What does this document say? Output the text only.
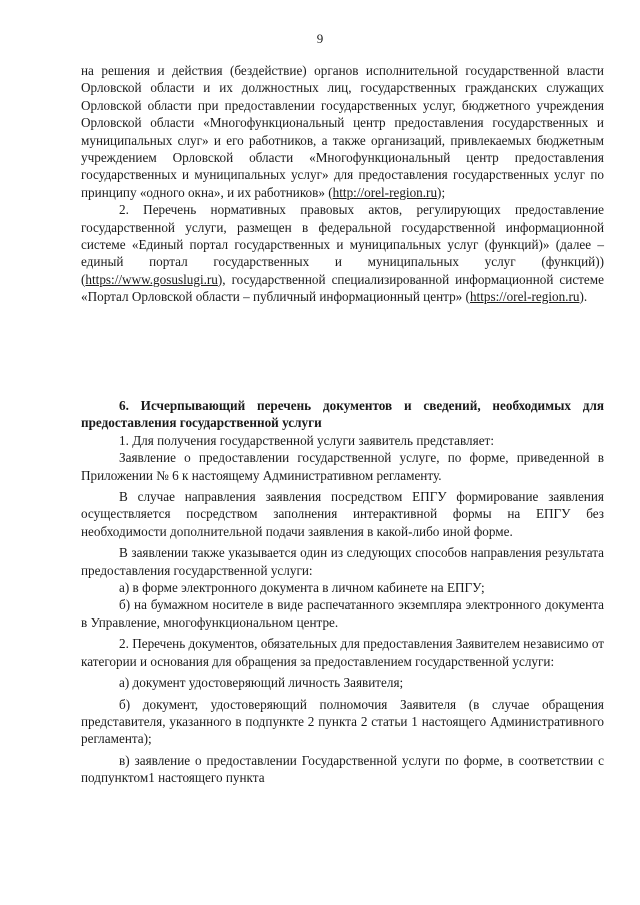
9

на решения и действия (бездействие) органов исполнительной государственной власти Орловской области и их должностных лиц, государственных гражданских служащих Орловской области при предоставлении государственных услуг, бюджетного учреждения Орловской области «Многофункциональный центр предоставления государственных и муниципальных слуг» и его работников, а также организаций, привлекаемых бюджетным учреждением Орловской области «Многофункциональный центр предоставления государственных и муниципальных услуг» для предоставления государственных услуг по принципу «одного окна», и их работников» (http://orel-region.ru);

2. Перечень нормативных правовых актов, регулирующих предоставление государственной услуги, размещен в федеральной государственной информационной системе «Единый портал государственных и муниципальных услуг (функций)» (далее – единый портал государственных и муниципальных услуг (функций)) (https://www.gosuslugi.ru), государственной специализированной информационной системе «Портал Орловской области – публичный информационный центр» (https://orel-region.ru).

6. Исчерпывающий перечень документов и сведений, необходимых для предоставления государственной услуги

1. Для получения государственной услуги заявитель представляет:

Заявление о предоставлении государственной услуге, по форме, приведенной в Приложении № 6 к настоящему Административном регламенту.

В случае направления заявления посредством ЕПГУ формирование заявления осуществляется посредством заполнения интерактивной формы на ЕПГУ без необходимости дополнительной подачи заявления в какой-либо иной форме.

В заявлении также указывается один из следующих способов направления результата предоставления государственной услуги:

а) в форме электронного документа в личном кабинете на ЕПГУ;

б) на бумажном носителе в виде распечатанного экземпляра электронного документа в Управление, многофункциональном центре.

2. Перечень документов, обязательных для предоставления Заявителем независимо от категории и основания для обращения за предоставлением государственной услуги:

а) документ удостоверяющий личность Заявителя;

б) документ, удостоверяющий полномочия Заявителя (в случае обращения представителя, указанного в подпункте 2 пункта 2 статьи 1 настоящего Административного регламента);

в) заявление о предоставлении Государственной услуги по форме, в соответствии с подпунктом1 настоящего пункта
